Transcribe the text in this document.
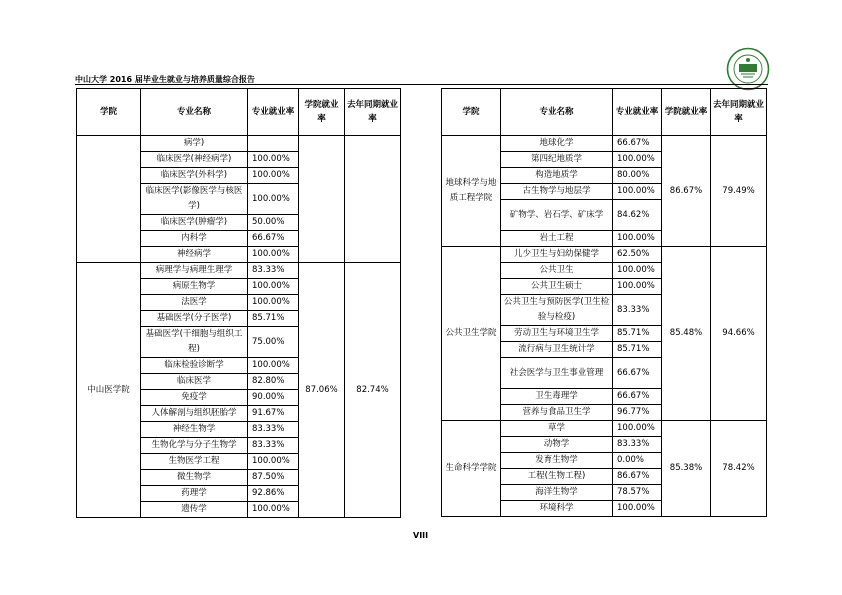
中山大学 2016 届毕业生就业与培养质量综合报告
学院	专业名称	专业就业率	学院就业率	去年同期就业率
	病学)			
	临床医学(神经病学)	100.00%		
	临床医学(外科学)	100.00%		
	临床医学(影像医学与核医学)	100.00%		
	临床医学(肿瘤学)	50.00%		
	内科学	66.67%		
	神经病学	100.00%		
中山医学院	病理学与病理生理学	83.33%	87.06%	82.74%
	病原生物学	100.00%		
	法医学	100.00%		
	基础医学(分子医学)	85.71%		
	基础医学(干细胞与组织工程)	75.00%		
	临床检验诊断学	100.00%		
	临床医学	82.80%		
	免疫学	90.00%		
	人体解剖与组织胚胎学	91.67%		
	神经生物学	83.33%		
	生物化学与分子生物学	83.33%		
	生物医学工程	100.00%		
	微生物学	87.50%		
	药理学	92.86%		
	遗传学	100.00%		
学院	专业名称	专业就业率	学院就业率	去年同期就业率
地球科学与地质工程学院	地球化学	66.67%	86.67%	79.49%
	第四纪地质学	100.00%		
	构造地质学	80.00%		
	古生物学与地层学	100.00%		
	矿物学、岩石学、矿床学	84.62%		
	岩土工程	100.00%		
公共卫生学院	儿少卫生与妇幼保健学	62.50%	85.48%	94.66%
	公共卫生	100.00%		
	公共卫生硕士	100.00%		
	公共卫生与预防医学(卫生检验与检疫)	83.33%		
	劳动卫生与环境卫生学	85.71%		
	流行病与卫生统计学	85.71%		
	社会医学与卫生事业管理	66.67%		
	卫生毒理学	66.67%		
	营养与食品卫生学	96.77%		
生命科学学院	草学	100.00%	85.38%	78.42%
	动物学	83.33%		
	发育生物学	0.00%		
	工程(生物工程)	86.67%		
	海洋生物学	78.57%		
	环境科学	100.00%		
VIII
